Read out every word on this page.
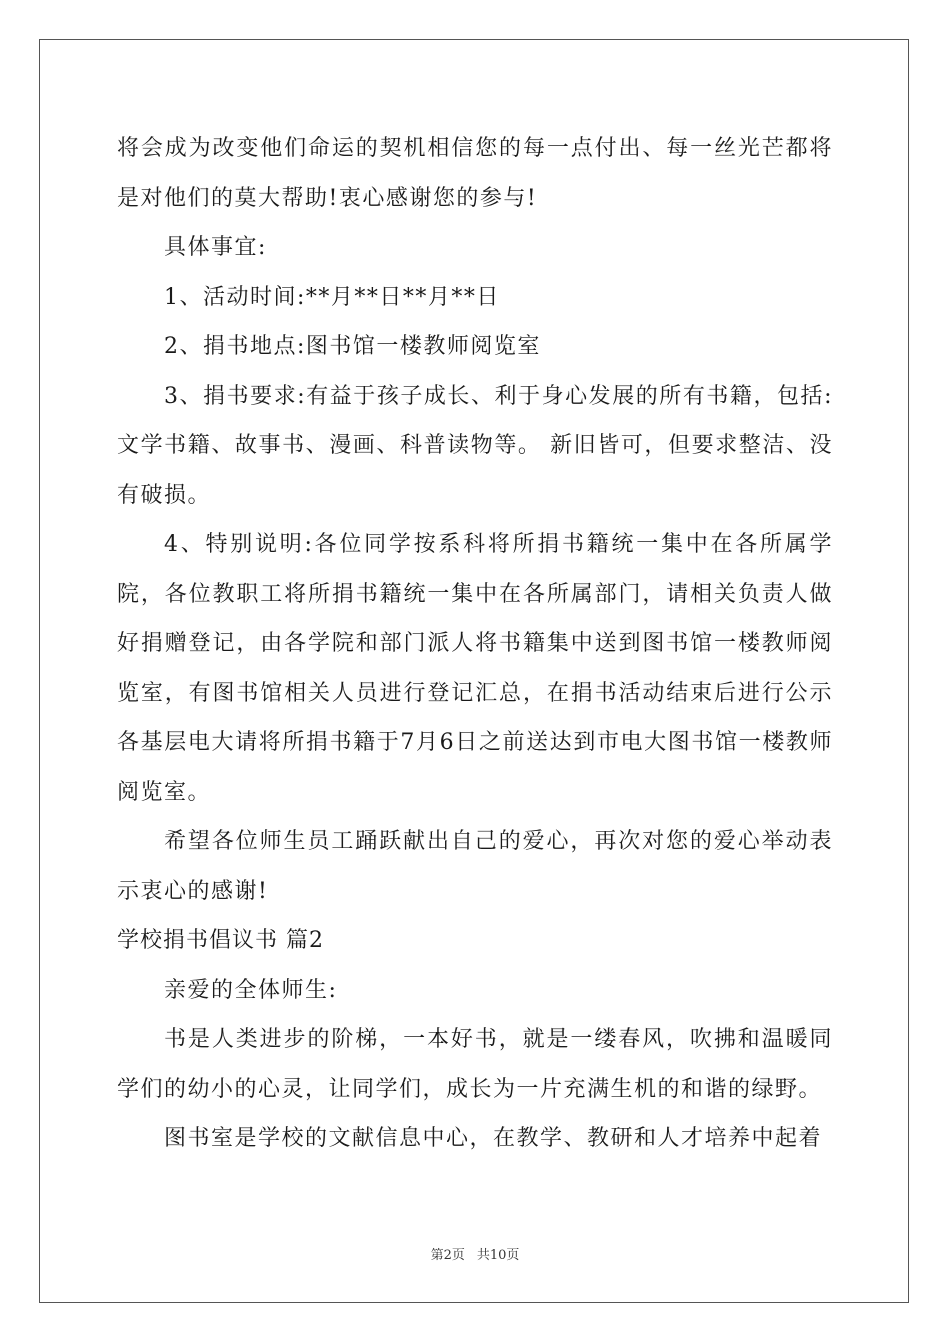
将会成为改变他们命运的契机相信您的每一点付出、每一丝光芒都将是对他们的莫大帮助!衷心感谢您的参与!

具体事宜:

1、活动时间:**月**日**月**日

2、捐书地点:图书馆一楼教师阅览室

3、捐书要求:有益于孩子成长、利于身心发展的所有书籍，包括:文学书籍、故事书、漫画、科普读物等。 新旧皆可，但要求整洁、没有破损。

4、特别说明:各位同学按系科将所捐书籍统一集中在各所属学院，各位教职工将所捐书籍统一集中在各所属部门，请相关负责人做好捐赠登记，由各学院和部门派人将书籍集中送到图书馆一楼教师阅览室，有图书馆相关人员进行登记汇总，在捐书活动结束后进行公示各基层电大请将所捐书籍于7月6日之前送达到市电大图书馆一楼教师阅览室。

希望各位师生员工踊跃献出自己的爱心，再次对您的爱心举动表示衷心的感谢!

学校捐书倡议书 篇2

亲爱的全体师生:

书是人类进步的阶梯，一本好书，就是一缕春风，吹拂和温暖同学们的幼小的心灵，让同学们，成长为一片充满生机的和谐的绿野。

图书室是学校的文献信息中心，在教学、教研和人才培养中起着

第2页 共10页
